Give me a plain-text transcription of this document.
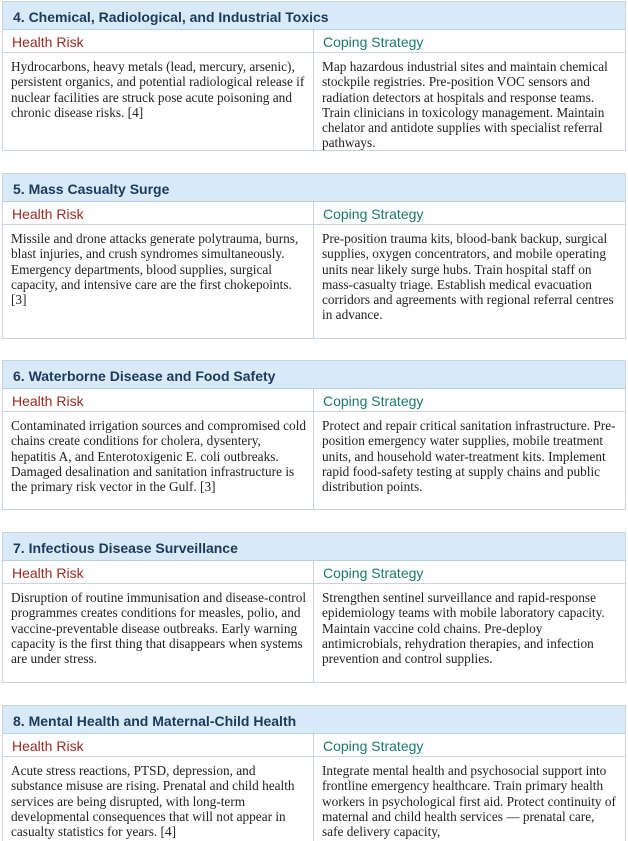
4. Chemical, Radiological, and Industrial Toxics
Health Risk
Hydrocarbons, heavy metals (lead, mercury, arsenic), persistent organics, and potential radiological release if nuclear facilities are struck pose acute poisoning and chronic disease risks. [4]
Coping Strategy
Map hazardous industrial sites and maintain chemical stockpile registries. Pre-position VOC sensors and radiation detectors at hospitals and response teams. Train clinicians in toxicology management. Maintain chelator and antidote supplies with specialist referral pathways.
5. Mass Casualty Surge
Health Risk
Missile and drone attacks generate polytrauma, burns, blast injuries, and crush syndromes simultaneously. Emergency departments, blood supplies, surgical capacity, and intensive care are the first chokepoints. [3]
Coping Strategy
Pre-position trauma kits, blood-bank backup, surgical supplies, oxygen concentrators, and mobile operating units near likely surge hubs. Train hospital staff on mass-casualty triage. Establish medical evacuation corridors and agreements with regional referral centres in advance.
6. Waterborne Disease and Food Safety
Health Risk
Contaminated irrigation sources and compromised cold chains create conditions for cholera, dysentery, hepatitis A, and Enterotoxigenic E. coli outbreaks. Damaged desalination and sanitation infrastructure is the primary risk vector in the Gulf. [3]
Coping Strategy
Protect and repair critical sanitation infrastructure. Pre-position emergency water supplies, mobile treatment units, and household water-treatment kits. Implement rapid food-safety testing at supply chains and public distribution points.
7. Infectious Disease Surveillance
Health Risk
Disruption of routine immunisation and disease-control programmes creates conditions for measles, polio, and vaccine-preventable disease outbreaks. Early warning capacity is the first thing that disappears when systems are under stress.
Coping Strategy
Strengthen sentinel surveillance and rapid-response epidemiology teams with mobile laboratory capacity. Maintain vaccine cold chains. Pre-deploy antimicrobials, rehydration therapies, and infection prevention and control supplies.
8. Mental Health and Maternal-Child Health
Health Risk
Acute stress reactions, PTSD, depression, and substance misuse are rising. Prenatal and child health services are being disrupted, with long-term developmental consequences that will not appear in casualty statistics for years. [4]
Coping Strategy
Integrate mental health and psychosocial support into frontline emergency healthcare. Train primary health workers in psychological first aid. Protect continuity of maternal and child health services — prenatal care, safe delivery capacity,
